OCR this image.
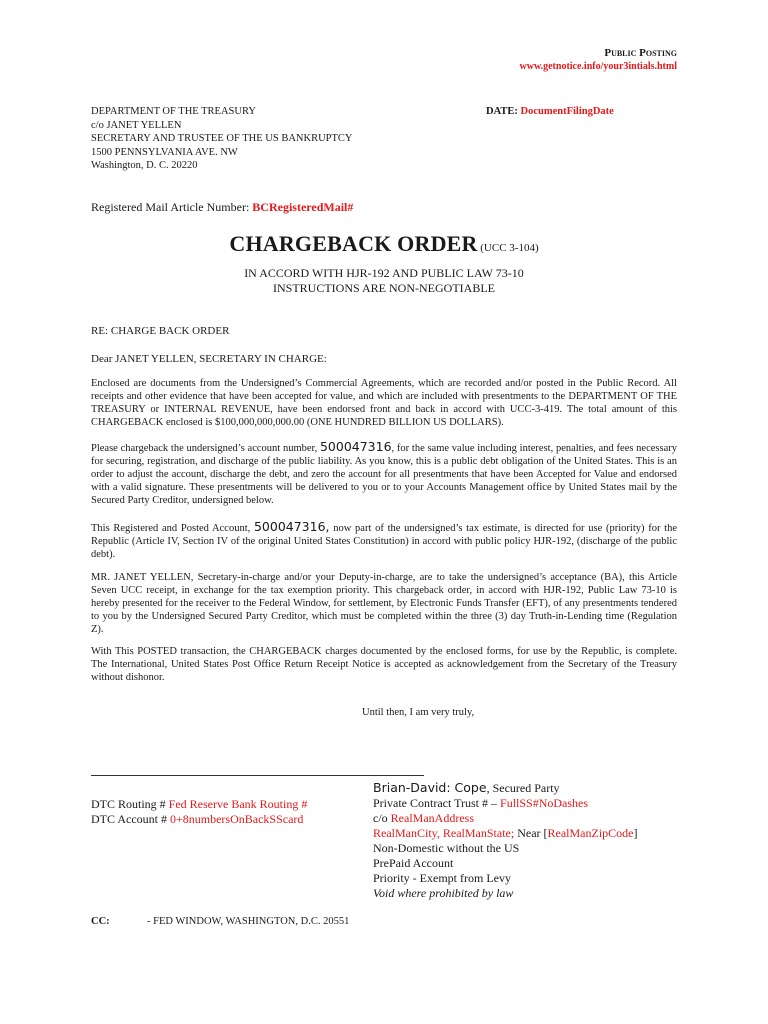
Public Posting
www.getnotice.info/your3intials.html
DEPARTMENT OF THE TREASURY
c/o JANET YELLEN
SECRETARY AND TRUSTEE OF THE US BANKRUPTCY
1500 PENNSYLVANIA AVE. NW
Washington, D. C. 20220
DATE: DocumentFilingDate
Registered Mail Article Number: BCRegisteredMail#
CHARGEBACK ORDER (UCC 3-104)
IN ACCORD WITH HJR-192 AND PUBLIC LAW 73-10
INSTRUCTIONS ARE NON-NEGOTIABLE
RE: CHARGE BACK ORDER
Dear JANET YELLEN, SECRETARY IN CHARGE:
Enclosed are documents from the Undersigned’s Commercial Agreements, which are recorded and/or posted in the Public Record. All receipts and other evidence that have been accepted for value, and which are included with presentments to the DEPARTMENT OF THE TREASURY or INTERNAL REVENUE, have been endorsed front and back in accord with UCC-3-419. The total amount of this CHARGEBACK enclosed is $100,000,000,000.00 (ONE HUNDRED BILLION US DOLLARS).
Please chargeback the undersigned’s account number, 500047316, for the same value including interest, penalties, and fees necessary for securing, registration, and discharge of the public liability. As you know, this is a public debt obligation of the United States. This is an order to adjust the account, discharge the debt, and zero the account for all presentments that have been Accepted for Value and endorsed with a valid signature. These presentments will be delivered to you or to your Accounts Management office by United States mail by the Secured Party Creditor, undersigned below.
This Registered and Posted Account, 500047316, now part of the undersigned’s tax estimate, is directed for use (priority) for the Republic (Article IV, Section IV of the original United States Constitution) in accord with public policy HJR-192, (discharge of the public debt).
MR. JANET YELLEN, Secretary-in-charge and/or your Deputy-in-charge, are to take the undersigned’s acceptance (BA), this Article Seven UCC receipt, in exchange for the tax exemption priority. This chargeback order, in accord with HJR-192, Public Law 73-10 is hereby presented for the receiver to the Federal Window, for settlement, by Electronic Funds Transfer (EFT), of any presentments tendered to you by the Undersigned Secured Party Creditor, which must be completed within the three (3) day Truth-in-Lending time (Regulation Z).
With This POSTED transaction, the CHARGEBACK charges documented by the enclosed forms, for use by the Republic, is complete. The International, United States Post Office Return Receipt Notice is accepted as acknowledgement from the Secretary of the Treasury without dishonor.
Until then, I am very truly,
DTC Routing # Fed Reserve Bank Routing #
DTC Account # 0+8numbersOnBackSScard
Brian-David: Cope, Secured Party
Private Contract Trust # – FullSS#NoDashes
c/o RealManAddress
RealManCity, RealManState; Near [RealManZipCode]
Non-Domestic without the US
PrePaid Account
Priority - Exempt from Levy
Void where prohibited by law
CC:	- FED WINDOW, WASHINGTON, D.C. 20551
